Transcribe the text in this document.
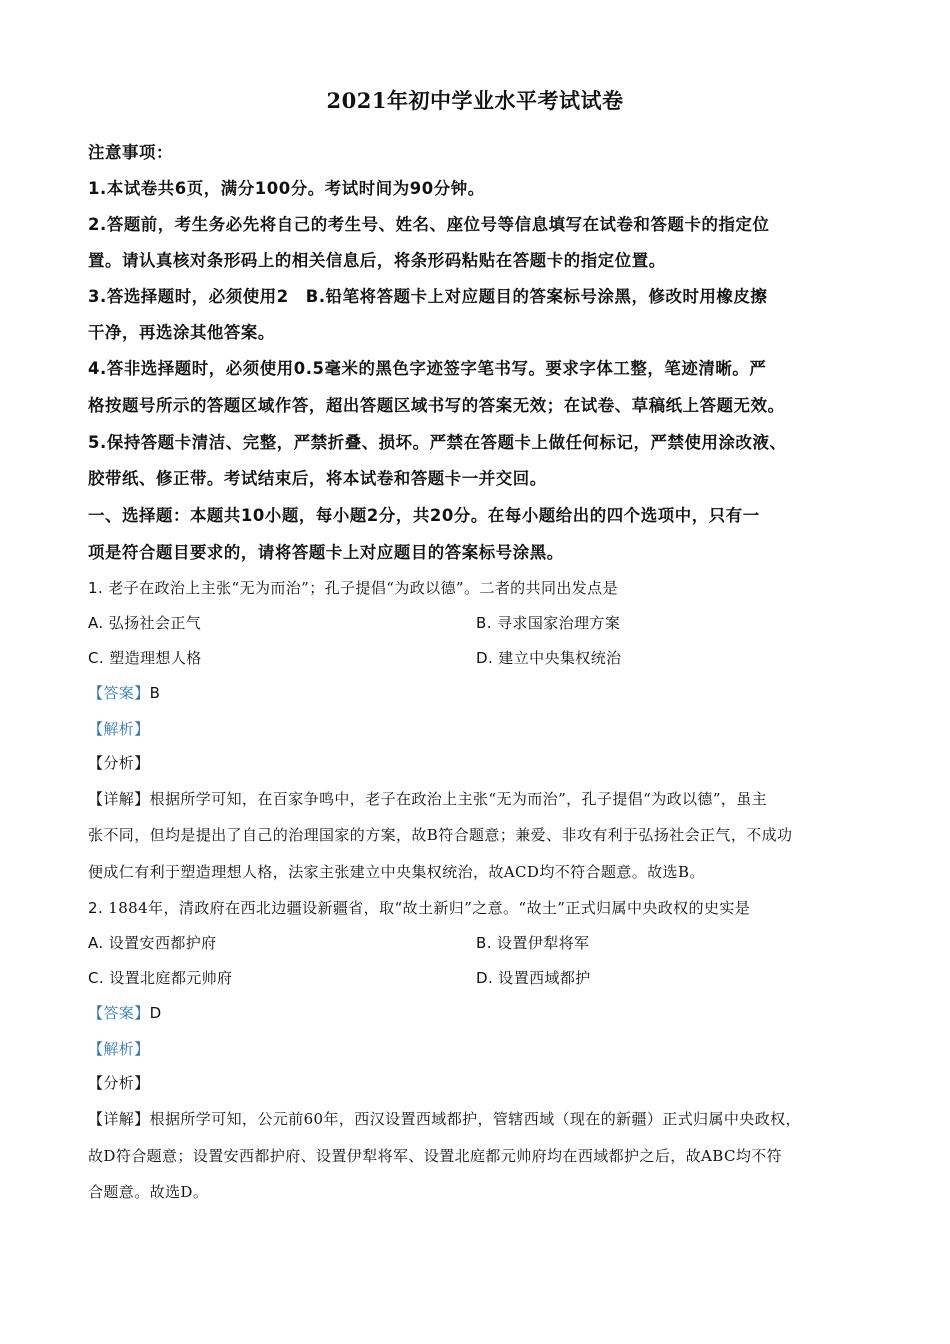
2021年初中学业水平考试试卷
注意事项：
1.本试卷共6页，满分100分。考试时间为90分钟。
2.答题前，考生务必先将自己的考生号、姓名、座位号等信息填写在试卷和答题卡的指定位
置。请认真核对条形码上的相关信息后，将条形码粘贴在答题卡的指定位置。
3.答选择题时，必须使用2　B.铅笔将答题卡上对应题目的答案标号涂黑，修改时用橡皮擦
干净，再选涂其他答案。
4.答非选择题时，必须使用0.5毫米的黑色字迹签字笔书写。要求字体工整，笔迹清晰。严
格按题号所示的答题区域作答，超出答题区域书写的答案无效；在试卷、草稿纸上答题无效。
5.保持答题卡清洁、完整，严禁折叠、损坏。严禁在答题卡上做任何标记，严禁使用涂改液、
胶带纸、修正带。考试结束后，将本试卷和答题卡一并交回。
一、选择题：本题共10小题，每小题2分，共20分。在每小题给出的四个选项中，只有一
项是符合题目要求的，请将答题卡上对应题目的答案标号涂黑。
1. 老子在政治上主张“无为而治”；孔子提倡“为政以德”。二者的共同出发点是
A. 弘扬社会正气	B. 寻求国家治理方案
C. 塑造理想人格	D. 建立中央集权统治
【答案】B
【解析】
【分析】
【详解】根据所学可知，在百家争鸣中，老子在政治上主张“无为而治”，孔子提倡“为政以德”，虽主
张不同，但均是提出了自己的治理国家的方案，故B符合题意；兼爱、非攻有利于弘扬社会正气，不成功
便成仁有利于塑造理想人格，法家主张建立中央集权统治，故ACD均不符合题意。故选B。
2. 1884年，清政府在西北边疆设新疆省，取“故土新归”之意。“故土”正式归属中央政权的史实是
A. 设置安西都护府	B. 设置伊犁将军
C. 设置北庭都元帅府	D. 设置西域都护
【答案】D
【解析】
【分析】
【详解】根据所学可知，公元前60年，西汉设置西域都护，管辖西域（现在的新疆）正式归属中央政权，
故D符合题意；设置安西都护府、设置伊犁将军、设置北庭都元帅府均在西域都护之后，故ABC均不符
合题意。故选D。
